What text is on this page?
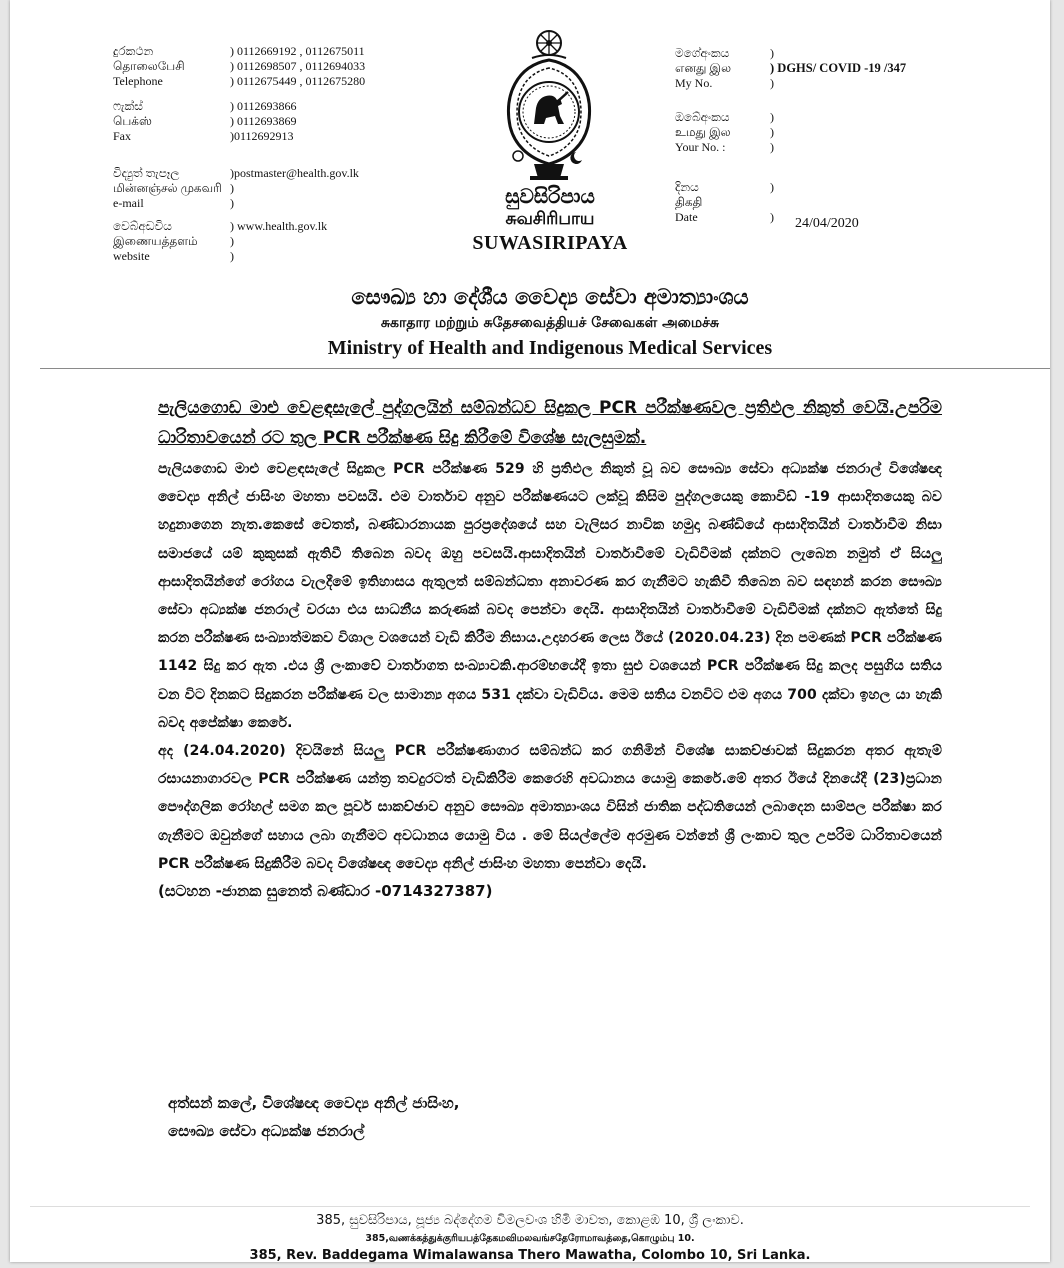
දුරකථන	) 0112669192 , 0112675011
தொலைபேசி	) 0112698507 , 0112694033
Telephone	) 0112675449 , 0112675280
ෆැක්ස්	) 0112693866
பெக்ஸ்	) 0112693869
Fax	)0112692913
විද්‍යුත් තැපෑල	)postmaster@health.gov.lk
மின்னஞ்சல் முகவரி )
e-mail	)
වෙබ්අඩවිය	) www.health.gov.lk
இணையத்தளம்	)
website	)
සුවසිරිපාය
சுவசிரிபாய
SUWASIRIPAYA
මගේඅංකය	)
எனது இல	) DGHS/ COVID -19 /347
My No.	)
ඔබේඅංකය	)
உமது இல	)
Your No. :	)
දිනය	)
திகதி
Date	) 24/04/2020
සෞඛ්‍ය හා දේශීය වෛද්‍ය සේවා අමාත්‍යාංශය
சுகாதார மற்றும் சுதேசவைத்தியச் சேவைகள் அமைச்சு
Ministry of Health and Indigenous Medical Services

පැලියගොඩ මාළු වෙළඳසැලේ පුද්ගලයින් සම්බන්ධව සිදුකල PCR පරීක්ෂණවල ප්‍රතිඵල නිකුත් වෙයි.උපරිම ධාරිතාවයෙන් රට තුල PCR පරීක්ෂණ සිදු කිරීමේ විශේෂ සැලසුමක්.

පැලියගොඩ මාළු වෙළඳසැලේ සිදුකල PCR පරීක්ෂණ 529 හි ප්‍රතිඵල නිකුත් වූ බව සෞඛ්‍ය සේවා අධ්‍යක්ෂ ජනරාල් විශේෂඥ වෛද්‍ය අනිල් ජාසිංහ මහතා පවසයි. එම වාර්තාව අනුව පරීක්ෂණයට ලක්වූ කිසිම පුද්ගලයෙකු කොවිඩ් -19 ආසාදිතයෙකු බව හදුනාගෙන නැත.කෙසේ වෙතත්, බණ්ඩාරනායක පුරප්‍රදේශයේ සහ වැලිසර නාවික හමුදා බණ්ඩියේ ආසාදිතයින් වාර්තාවීම නිසා සමාජයේ යම් කුකුසක් ඇතිවී තිබෙන බවද ඔහු පවසයි.ආසාදිතයින් වාර්තාවීමේ වැඩිවීමක් දක්නට ලැබෙන නමුත් ඒ සියලු ආසාදිතයින්ගේ රෝගය වැලදීමේ ඉතිහාසය ඇතුලත් සම්බන්ධතා අනාවරණ කර ගැනීමට හැකිවී තිබෙන බව සඳහන් කරන සෞඛ්‍ය සේවා අධ්‍යක්ෂ ජනරාල් වරයා එය සාධනීය කරුණක් බවද පෙන්වා දෙයි. ආසාදිතයින් වාර්තාවීමේ වැඩිවීමක් දක්නට ඇත්තේ සිදු කරන පරීක්ෂණ සංඛ්‍යාත්මකව විශාල වශයෙන් වැඩි කිරීම නිසාය.උදාහරණ ලෙස ඊයේ (2020.04.23) දින පමණක් PCR පරීක්ෂණ 1142 සිදු කර ඇත .එය ශ්‍රී ලංකාවේ වාර්තාගත සංඛ්‍යාවකි.ආරම්භයේදී ඉතා සුළු වශයෙන් PCR පරීක්ෂණ සිදු කලද පසුගිය සතිය වන විට දිනකට සිදුකරන පරීක්ෂණ වල සාමාන්‍ය අගය 531 දක්වා වැඩිවිය. මෙම සතිය වනවිට එම අගය 700 දක්වා ඉහල යා හැකි බවද අපේක්ෂා කෙරේ.

අද (24.04.2020) දිවයිනේ සියලු PCR පරීක්ෂණාගාර සම්බන්ධ කර ගනිමින් විශේෂ සාකච්ඡාවක් සිදුකරන අතර ඇතැම් රසායනාගාරවල PCR පරීක්ෂණ යන්ත්‍ර තවදුරටත් වැඩිකිරීම කෙරෙහි අවධානය යොමු කෙරේ.මේ අතර ඊයේ දිනයේදී (23)ප්‍රධාන පෞද්ගලික රෝහල් සමග කල පූර්ව සාකච්ඡාව අනුව සෞඛ්‍ය අමාත්‍යාංශය විසින් ජාතික පද්ධතියෙන් ලබාදෙන සාම්පල පරීක්ෂා කර ගැනීමට ඔවුන්ගේ සහාය ලබා ගැනීමට අවධානය යොමු විය . මේ සියල්ලේම අරමුණ වන්නේ ශ්‍රී ලංකාව තුල උපරිම ධාරිතාවයෙන් PCR පරීක්ෂණ සිදුකිරීම බවද විශේෂඥ වෛද්‍ය අනිල් ජාසිංහ මහතා පෙන්වා දෙයි.

(සටහන -ජානක සුනෙත් බණ්ඩාර -0714327387)

අත්සන් කලේ, විශේෂඥ වෛද්‍ය අනිල් ජාසිංහ,
සෞඛ්‍ය සේවා අධ්‍යක්ෂ ජනරාල්
385, සුවසිරිපාය, පූජ්‍ය බද්දේගම විමලවංශ හිමි මාවත, කොළඹ 10, ශ්‍රී ලංකාව.
385,வணக்கத்துக்குரியபத்தேகமவிமலவங்சதேரோமாவத்தை,கொழும்பு 10.
385, Rev. Baddegama Wimalawansa Thero Mawatha, Colombo 10, Sri Lanka.
